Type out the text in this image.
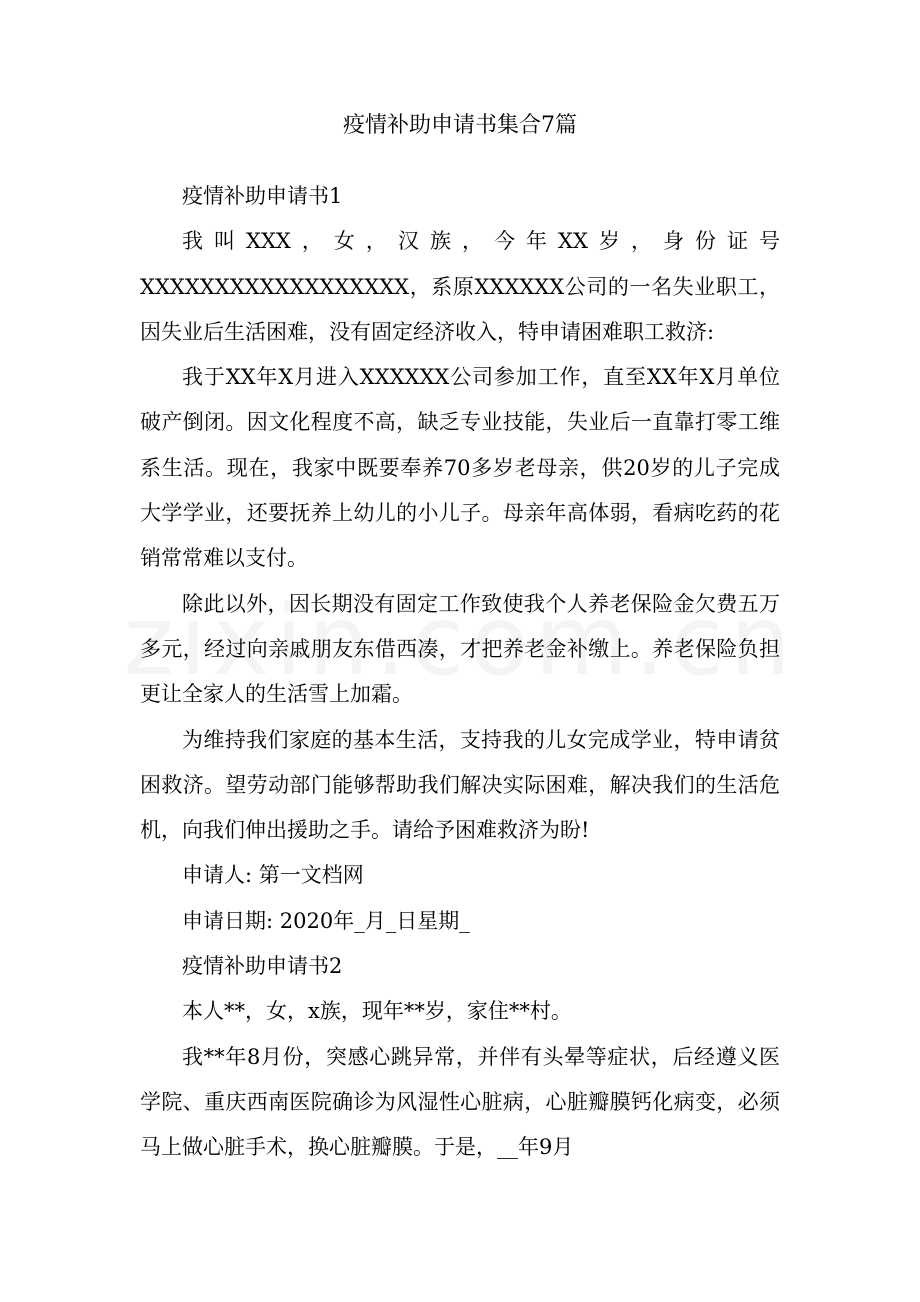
疫情补助申请书集合7篇

疫情补助申请书1

我叫XXX，女，汉族，今年XX岁，身份证号XXXXXXXXXXXXXXXXXX，系原XXXXXX公司的一名失业职工，因失业后生活困难，没有固定经济收入，特申请困难职工救济:

我于XX年X月进入XXXXXX公司参加工作，直至XX年X月单位破产倒闭。因文化程度不高，缺乏专业技能，失业后一直靠打零工维系生活。现在，我家中既要奉养70多岁老母亲，供20岁的儿子完成大学学业，还要抚养上幼儿的小儿子。母亲年高体弱，看病吃药的花销常常难以支付。

除此以外，因长期没有固定工作致使我个人养老保险金欠费五万多元，经过向亲戚朋友东借西凑，才把养老金补缴上。养老保险负担更让全家人的生活雪上加霜。

为维持我们家庭的基本生活，支持我的儿女完成学业，特申请贫困救济。望劳动部门能够帮助我们解决实际困难，解决我们的生活危机，向我们伸出援助之手。请给予困难救济为盼!

申请人: 第一文档网

申请日期: 2020年_月_日星期_

疫情补助申请书2

本人**，女，x族，现年**岁，家住**村。

我**年8月份，突感心跳异常，并伴有头晕等症状，后经遵义医学院、重庆西南医院确诊为风湿性心脏病，心脏瓣膜钙化病变，必须马上做心脏手术，换心脏瓣膜。于是，__年9月
